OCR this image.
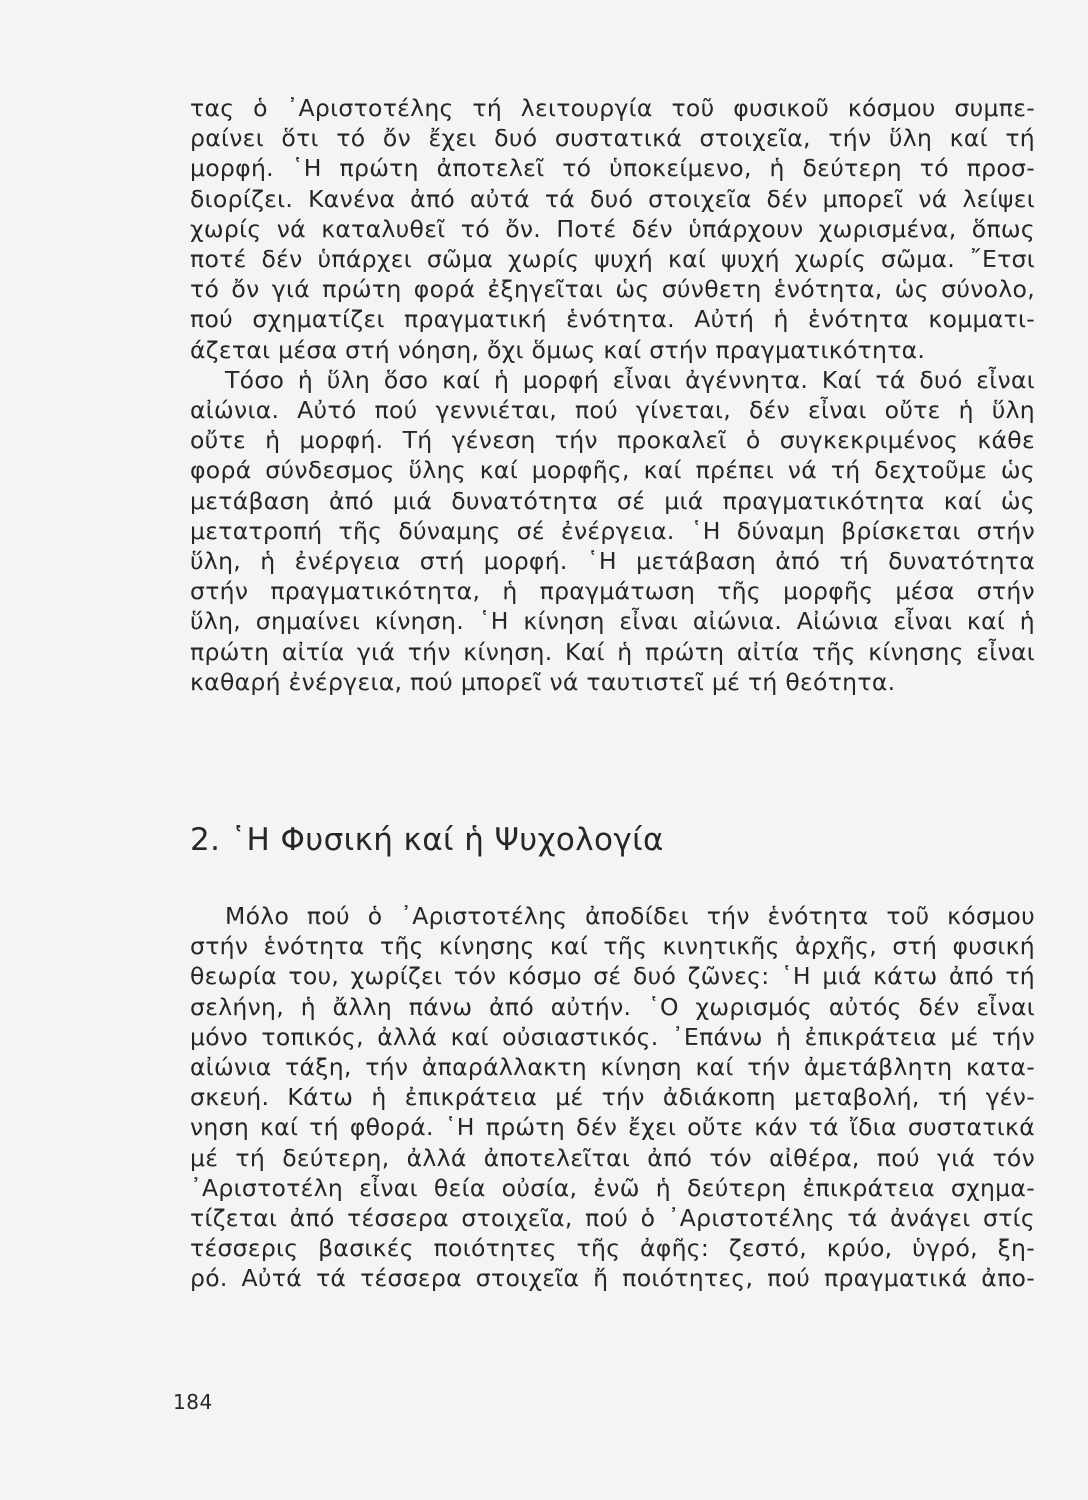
τας ὁ ᾿Αριστοτέλης τή λειτουργία τοῦ φυσικοῦ κόσμου συμπε-
ραίνει ὅτι τό ὄν ἔχει δυό συστατικά στοιχεῖα, τήν ὕλη καί τή
μορφή. ῾Η πρώτη ἀποτελεῖ τό ὑποκείμενο, ἡ δεύτερη τό προσ-
διορίζει. Κανένα ἀπό αὐτά τά δυό στοιχεῖα δέν μπορεῖ νά λείψει
χωρίς νά καταλυθεῖ τό ὄν. Ποτέ δέν ὑπάρχουν χωρισμένα, ὅπως
ποτέ δέν ὑπάρχει σῶμα χωρίς ψυχή καί ψυχή χωρίς σῶμα. ῎Ετσι
τό ὄν γιά πρώτη φορά ἐξηγεῖται ὡς σύνθετη ἑνότητα, ὡς σύνολο,
πού σχηματίζει πραγματική ἑνότητα. Αὐτή ἡ ἑνότητα κομματι-
άζεται μέσα στή νόηση, ὄχι ὅμως καί στήν πραγματικότητα.
Τόσο ἡ ὕλη ὅσο καί ἡ μορφή εἶναι ἀγέννητα. Καί τά δυό εἶναι
αἰώνια. Αὐτό πού γεννιέται, πού γίνεται, δέν εἶναι οὔτε ἡ ὕλη
οὔτε ἡ μορφή. Τή γένεση τήν προκαλεῖ ὁ συγκεκριμένος κάθε
φορά σύνδεσμος ὕλης καί μορφῆς, καί πρέπει νά τή δεχτοῦμε ὡς
μετάβαση ἀπό μιά δυνατότητα σέ μιά πραγματικότητα καί ὡς
μετατροπή τῆς δύναμης σέ ἐνέργεια. ῾Η δύναμη βρίσκεται στήν
ὕλη, ἡ ἐνέργεια στή μορφή. ῾Η μετάβαση ἀπό τή δυνατότητα
στήν πραγματικότητα, ἡ πραγμάτωση τῆς μορφῆς μέσα στήν
ὕλη, σημαίνει κίνηση. ῾Η κίνηση εἶναι αἰώνια. Αἰώνια εἶναι καί ἡ
πρώτη αἰτία γιά τήν κίνηση. Καί ἡ πρώτη αἰτία τῆς κίνησης εἶναι
καθαρή ἐνέργεια, πού μπορεῖ νά ταυτιστεῖ μέ τή θεότητα.
2. ῾Η Φυσική καί ἡ Ψυχολογία
Μόλο πού ὁ ᾿Αριστοτέλης ἀποδίδει τήν ἑνότητα τοῦ κόσμου
στήν ἑνότητα τῆς κίνησης καί τῆς κινητικῆς ἀρχῆς, στή φυσική
θεωρία του, χωρίζει τόν κόσμο σέ δυό ζῶνες: ῾Η μιά κάτω ἀπό τή
σελήνη, ἡ ἄλλη πάνω ἀπό αὐτήν. ῾Ο χωρισμός αὐτός δέν εἶναι
μόνο τοπικός, ἀλλά καί οὐσιαστικός. ᾿Επάνω ἡ ἐπικράτεια μέ τήν
αἰώνια τάξη, τήν ἀπαράλλακτη κίνηση καί τήν ἀμετάβλητη κατα-
σκευή. Κάτω ἡ ἐπικράτεια μέ τήν ἀδιάκοπη μεταβολή, τή γέν-
νηση καί τή φθορά. ῾Η πρώτη δέν ἔχει οὔτε κάν τά ἴδια συστατικά
μέ τή δεύτερη, ἀλλά ἀποτελεῖται ἀπό τόν αἰθέρα, πού γιά τόν
᾿Αριστοτέλη εἶναι θεία οὐσία, ἐνῶ ἡ δεύτερη ἐπικράτεια σχημα-
τίζεται ἀπό τέσσερα στοιχεῖα, πού ὁ ᾿Αριστοτέλης τά ἀνάγει στίς
τέσσερις βασικές ποιότητες τῆς ἀφῆς: ζεστό, κρύο, ὑγρό, ξη-
ρό. Αὐτά τά τέσσερα στοιχεῖα ἤ ποιότητες, πού πραγματικά ἀπο-
184
